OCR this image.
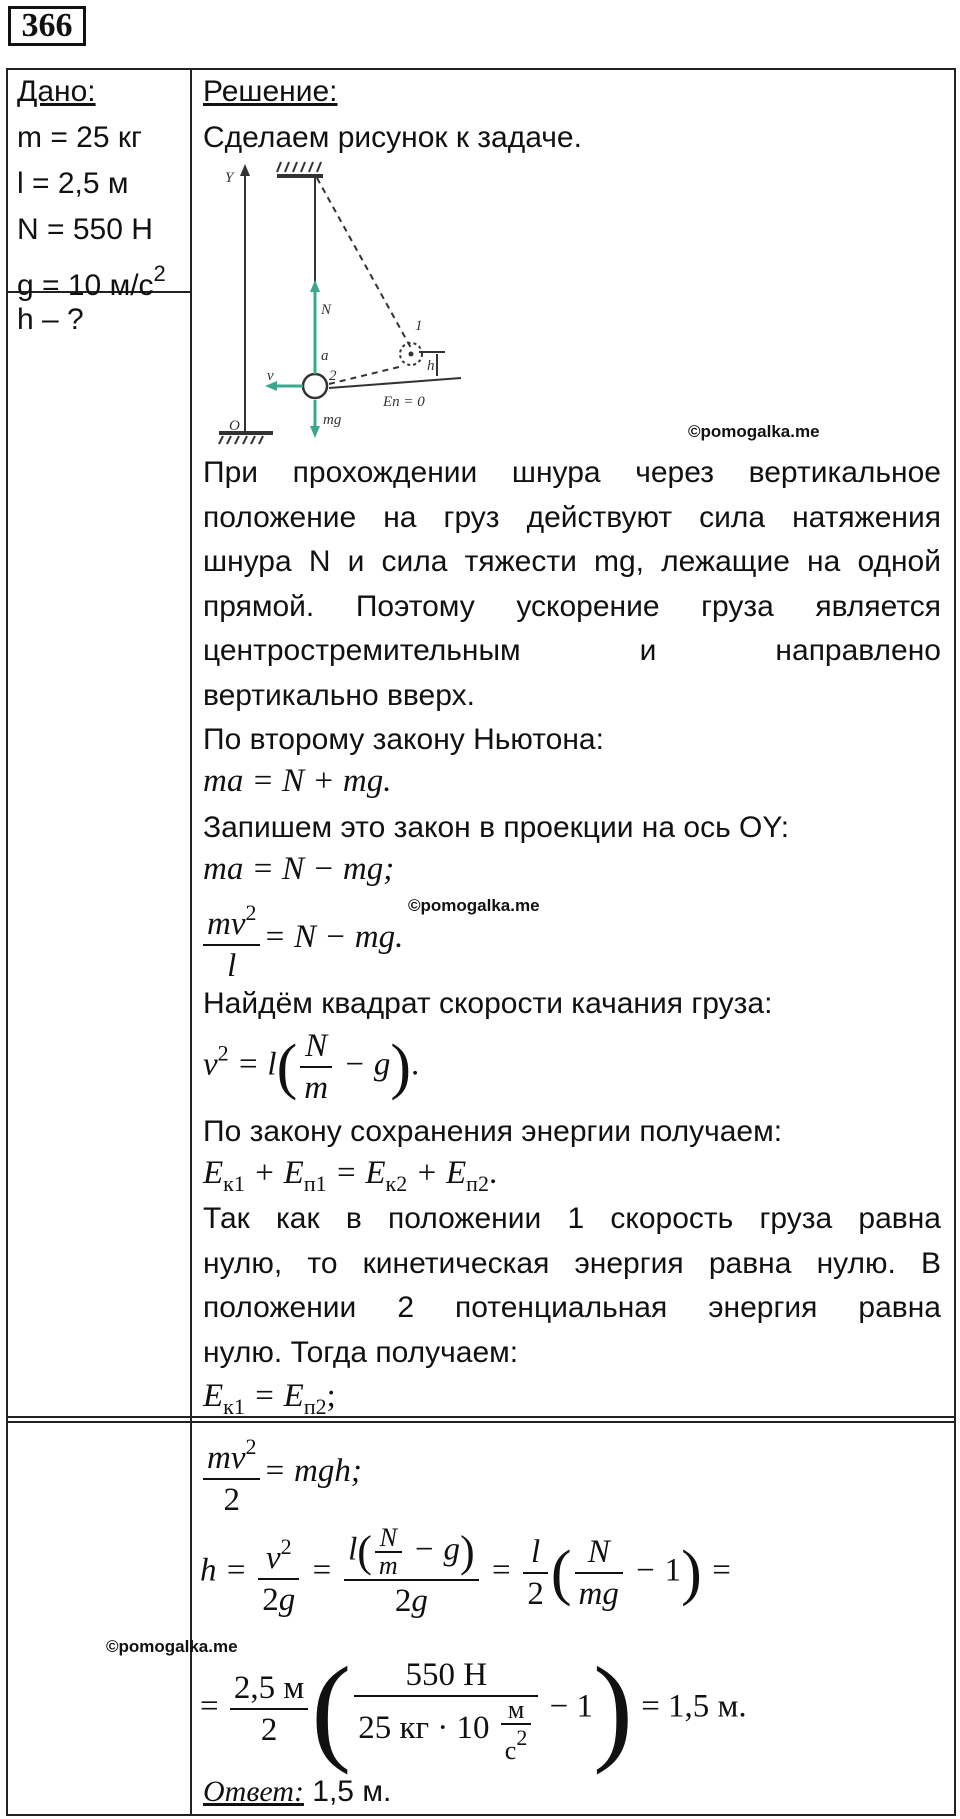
366
Дано:
m = 25 кг
l = 2,5 м
N = 550 Н
g = 10 $м/с^2$
h – ?
Решение:
Сделаем рисунок к задаче.
Y
O
N
a
v
mg
1
2
h
Eп = 0
©pomogalka.me
При прохождении шнура через вертикальное
положение на груз действуют сила натяжения
шнура N и сила тяжести mg, лежащие на одной
прямой. Поэтому ускорение груза является
центростремительным и направлено
вертикально вверх.
По второму закону Ньютона:
ma = N + mg.
Запишем это закон в проекции на ось OY:
ma = N − mg;
©pomogalka.me
$\frac{mv^2}{l} = N$ − mg.
Найдём квадрат скорости качания груза:
$v^2 = l( \frac{N}{m} - g)$.
По закону сохранения энергии получаем:
$E_{к1} + E_{п1} = E_{к2} + E_{п2}$.
Так как в положении 1 скорость груза равна
нулю, то кинетическая энергия равна нулю. В
положении 2 потенциальная энергия равна
нулю. Тогда получаем:
$E_{к1} = E_{п2}$;
$\frac{mv^2}{2}$ = mgh;
$h = \frac{v^2}{2g} = \frac{l( \frac{N}{m} - g)}{2g} = \frac{l}{2}$ ( $\frac{N}{mg} - 1$) =
©pomogalka.me
= $\frac{2,5 м}{2}$ ( $\frac{550 Н}{25 кг \cdot 10 \frac{м}{с^2}} - 1) = 1,5$ м.
Ответ: 1,5 м.
